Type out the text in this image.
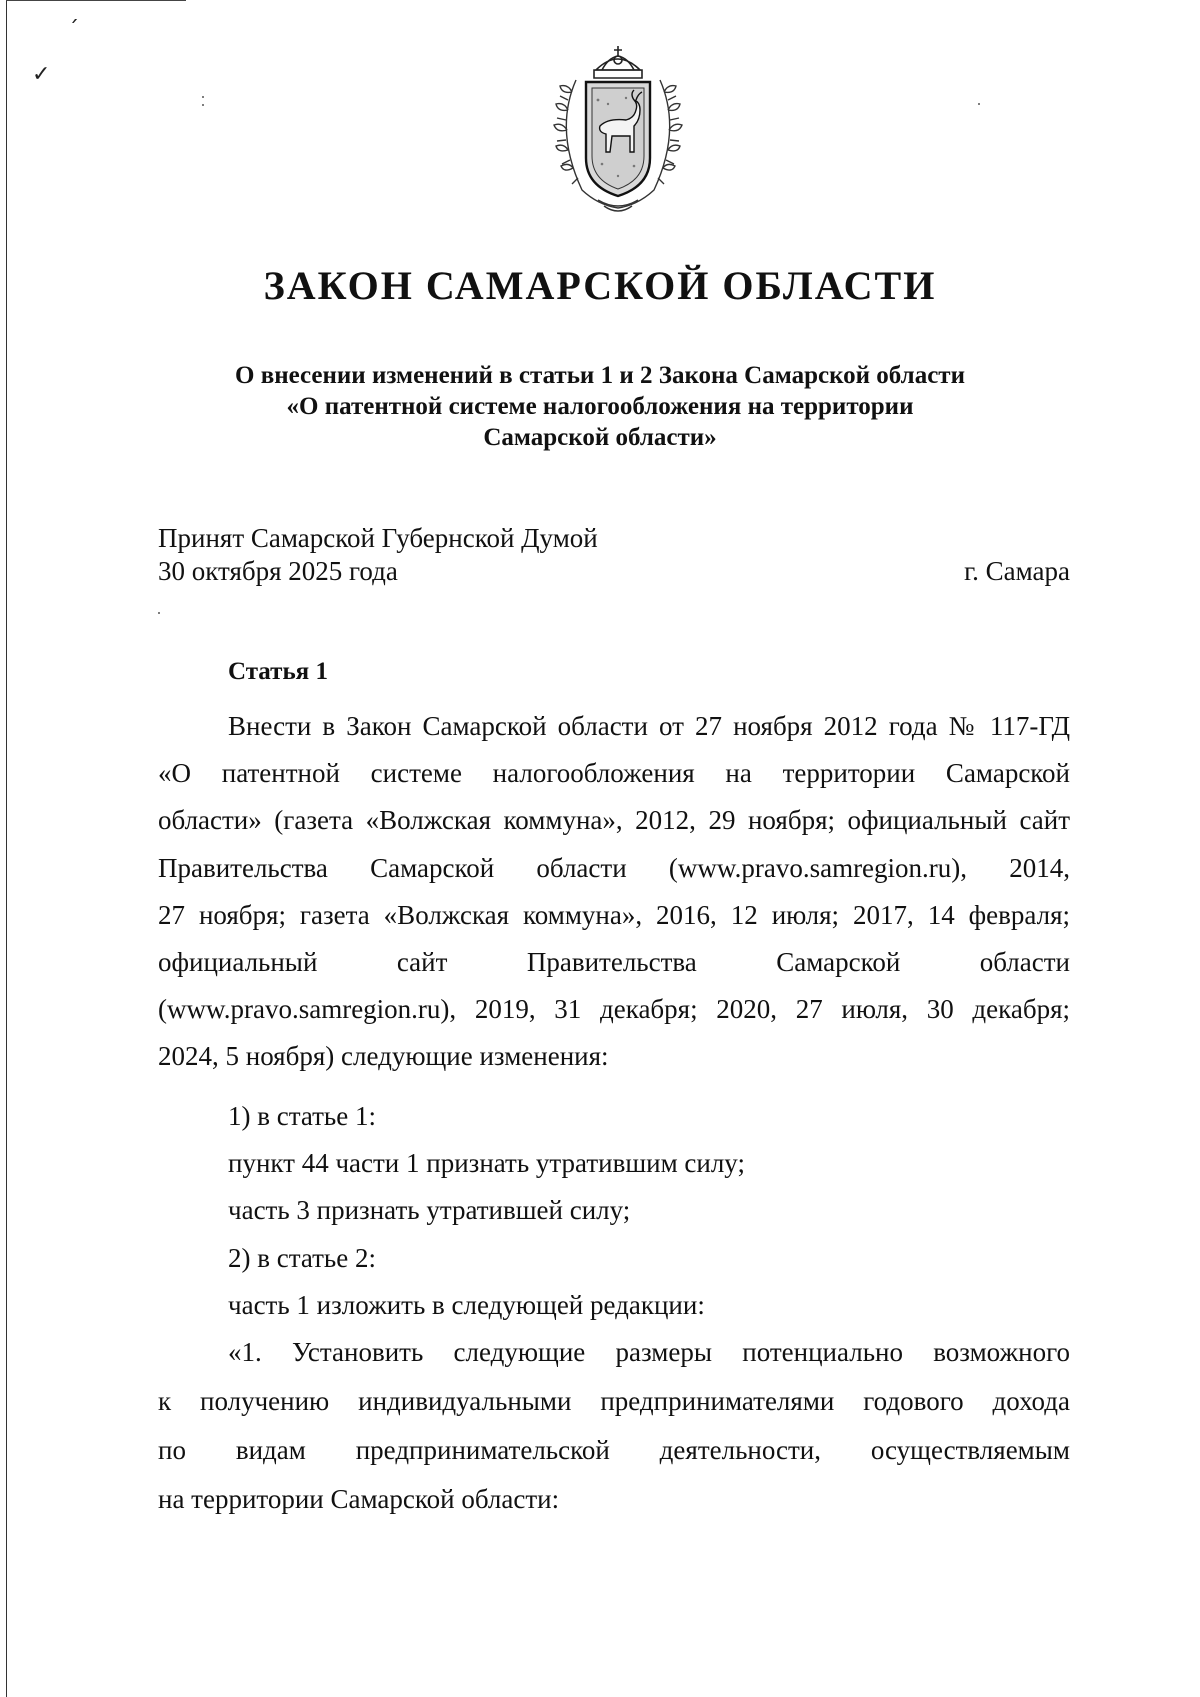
ˊ
✓
ЗАКОН САМАРСКОЙ ОБЛАСТИ
О внесении изменений в статьи 1 и 2 Закона Самарской области
«О патентной системе налогообложения на территории
Самарской области»
Принят Самарской Губернской Думой
30 октября 2025 года	г. Самара
Статья 1
Внести в Закон Самарской области от 27 ноября 2012 года № 117-ГД
«О патентной системе налогообложения на территории Самарской
области» (газета «Волжская коммуна», 2012, 29 ноября; официальный сайт
Правительства Самарской области (www.pravo.samregion.ru), 2014,
27 ноября; газета «Волжская коммуна», 2016, 12 июля; 2017, 14 февраля;
официальный сайт Правительства Самарской области
(www.pravo.samregion.ru), 2019, 31 декабря; 2020, 27 июля, 30 декабря;
2024, 5 ноября) следующие изменения:
1) в статье 1:
пункт 44 части 1 признать утратившим силу;
часть 3 признать утратившей силу;
2) в статье 2:
часть 1 изложить в следующей редакции:
«1. Установить следующие размеры потенциально возможного
к получению индивидуальными предпринимателями годового дохода
по видам предпринимательской деятельности, осуществляемым
на территории Самарской области:
